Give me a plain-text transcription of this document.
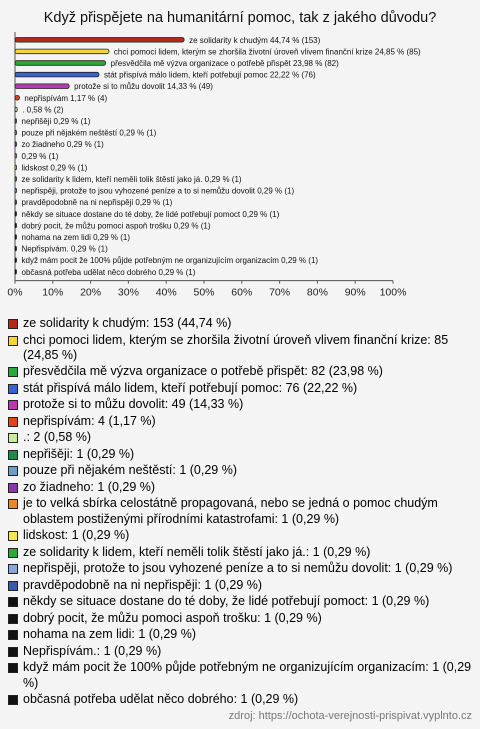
Když přispějete na humanitární pomoc, tak z jakého důvodu?
0% 10% 20% 30% 40% 50% 60% 70% 80% 90% 100%
ze solidarity k chudým 44,74 % (153)
chci pomoci lidem, kterým se zhoršila životní úroveň vlivem finanční krize 24,85 % (85)
přesvědčila mě výzva organizace o potřebě přispět 23,98 % (82)
stát přispívá málo lidem, kteří potřebují pomoc 22,22 % (76)
protože si to můžu dovolit 14,33 % (49)
nepřispívám 1,17 % (4)
. 0,58 % (2)
nepřišěji 0,29 % (1)
pouze při nějakém neštěstí 0,29 % (1)
zo žiadneho 0,29 % (1)
0,29 % (1)
lidskost 0,29 % (1)
ze solidarity k lidem, kteří neměli tolik štěstí jako já. 0,29 % (1)
nepřispěji, protože to jsou vyhozené peníze a to si nemůžu dovolit 0,29 % (1)
pravděpodobně na ni nepřispěji 0,29 % (1)
někdy se situace dostane do té doby, že lidé potřebují pomoct 0,29 % (1)
dobrý pocit, že můžu pomoci aspoň trošku 0,29 % (1)
nohama na zem lidi 0,29 % (1)
Nepřispívám. 0,29 % (1)
když mám pocit že 100% půjde potřebným ne organizujícím organizacím 0,29 % (1)
občasná potřeba udělat něco dobrého 0,29 % (1)
ze solidarity k chudým: 153 (44,74 %)
chci pomoci lidem, kterým se zhoršila životní úroveň vlivem finanční krize: 85 (24,85 %)
přesvědčila mě výzva organizace o potřebě přispět: 82 (23,98 %)
stát přispívá málo lidem, kteří potřebují pomoc: 76 (22,22 %)
protože si to můžu dovolit: 49 (14,33 %)
nepřispívám: 4 (1,17 %)
.: 2 (0,58 %)
nepřišěji: 1 (0,29 %)
pouze při nějakém neštěstí: 1 (0,29 %)
zo žiadneho: 1 (0,29 %)
je to velká sbírka celostátně propagovaná, nebo se jedná o pomoc chudým oblastem postiženými přírodními katastrofami: 1 (0,29 %)
lidskost: 1 (0,29 %)
ze solidarity k lidem, kteří neměli tolik štěstí jako já.: 1 (0,29 %)
nepřispěji, protože to jsou vyhozené peníze a to si nemůžu dovolit: 1 (0,29 %)
pravděpodobně na ni nepřispěji: 1 (0,29 %)
někdy se situace dostane do té doby, že lidé potřebují pomoct: 1 (0,29 %)
dobrý pocit, že můžu pomoci aspoň trošku: 1 (0,29 %)
nohama na zem lidi: 1 (0,29 %)
Nepřispívám.: 1 (0,29 %)
když mám pocit že 100% půjde potřebným ne organizujícím organizacím: 1 (0,29 %)
občasná potřeba udělat něco dobrého: 1 (0,29 %)
zdroj: https://ochota-verejnosti-prispivat.vyplnto.cz
